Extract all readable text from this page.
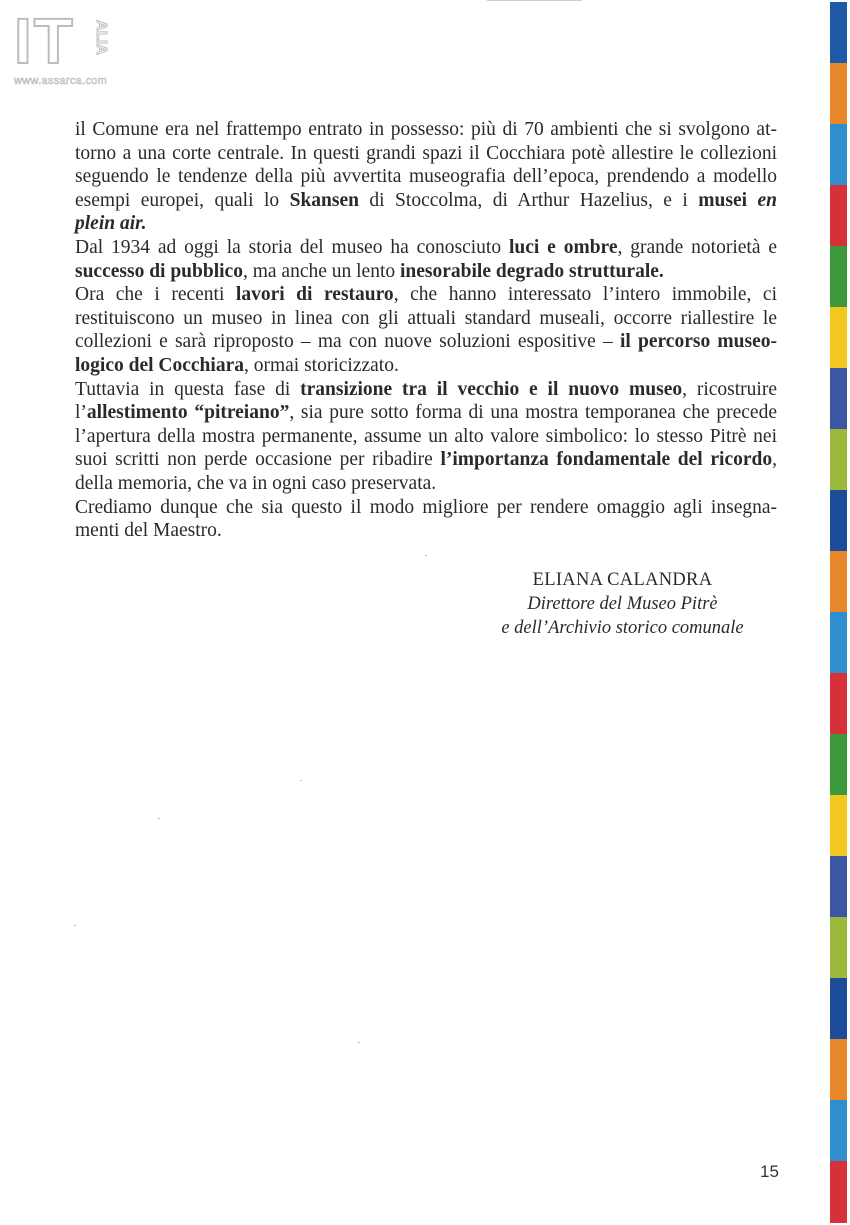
IT ALIA
www.assarca.com
il Comune era nel frattempo entrato in possesso: più di 70 ambienti che si svolgono at-
torno a una corte centrale. In questi grandi spazi il Cocchiara potè allestire le collezioni
seguendo le tendenze della più avvertita museografia dell’epoca, prendendo a modello
esempi europei, quali lo Skansen di Stoccolma, di Arthur Hazelius, e i musei en
plein air.
Dal 1934 ad oggi la storia del museo ha conosciuto luci e ombre, grande notorietà e
successo di pubblico, ma anche un lento inesorabile degrado strutturale.
Ora che i recenti lavori di restauro, che hanno interessato l’intero immobile, ci
restituiscono un museo in linea con gli attuali standard museali, occorre riallestire le
collezioni e sarà riproposto – ma con nuove soluzioni espositive – il percorso museo-
logico del Cocchiara, ormai storicizzato.
Tuttavia in questa fase di transizione tra il vecchio e il nuovo museo, ricostruire
l’allestimento “pitreiano”, sia pure sotto forma di una mostra temporanea che precede
l’apertura della mostra permanente, assume un alto valore simbolico: lo stesso Pitrè nei
suoi scritti non perde occasione per ribadire l’importanza fondamentale del ricordo,
della memoria, che va in ogni caso preservata.
Crediamo dunque che sia questo il modo migliore per rendere omaggio agli insegna-
menti del Maestro.
ELIANA CALANDRA
Direttore del Museo Pitrè
e dell’Archivio storico comunale
15
